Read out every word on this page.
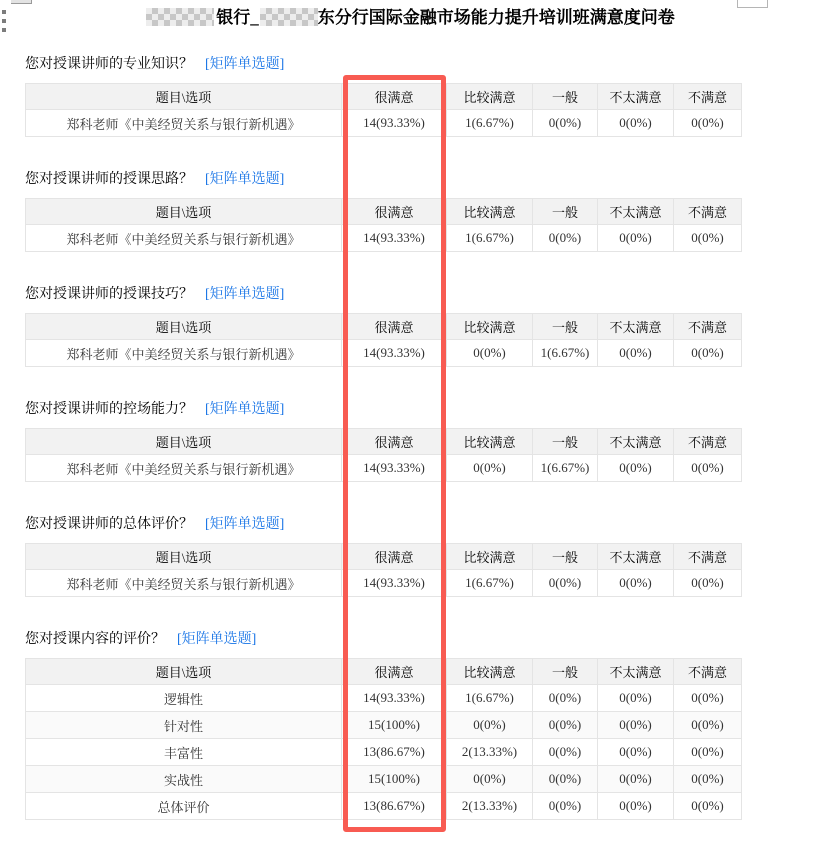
银行_	东分行国际金融市场能力提升培训班满意度问卷
您对授课讲师的专业知识？ [矩阵单选题]
题目\选项	很满意	比较满意	一般	不太满意	不满意
郑科老师《中美经贸关系与银行新机遇》	14(93.33%)	1(6.67%)	0(0%)	0(0%)	0(0%)
您对授课讲师的授课思路？ [矩阵单选题]
题目\选项	很满意	比较满意	一般	不太满意	不满意
郑科老师《中美经贸关系与银行新机遇》	14(93.33%)	1(6.67%)	0(0%)	0(0%)	0(0%)
您对授课讲师的授课技巧？ [矩阵单选题]
题目\选项	很满意	比较满意	一般	不太满意	不满意
郑科老师《中美经贸关系与银行新机遇》	14(93.33%)	0(0%)	1(6.67%)	0(0%)	0(0%)
您对授课讲师的控场能力？ [矩阵单选题]
题目\选项	很满意	比较满意	一般	不太满意	不满意
郑科老师《中美经贸关系与银行新机遇》	14(93.33%)	0(0%)	1(6.67%)	0(0%)	0(0%)
您对授课讲师的总体评价？ [矩阵单选题]
题目\选项	很满意	比较满意	一般	不太满意	不满意
郑科老师《中美经贸关系与银行新机遇》	14(93.33%)	1(6.67%)	0(0%)	0(0%)	0(0%)
您对授课内容的评价？ [矩阵单选题]
题目\选项	很满意	比较满意	一般	不太满意	不满意
逻辑性	14(93.33%)	1(6.67%)	0(0%)	0(0%)	0(0%)
针对性	15(100%)	0(0%)	0(0%)	0(0%)	0(0%)
丰富性	13(86.67%)	2(13.33%)	0(0%)	0(0%)	0(0%)
实战性	15(100%)	0(0%)	0(0%)	0(0%)	0(0%)
总体评价	13(86.67%)	2(13.33%)	0(0%)	0(0%)	0(0%)
